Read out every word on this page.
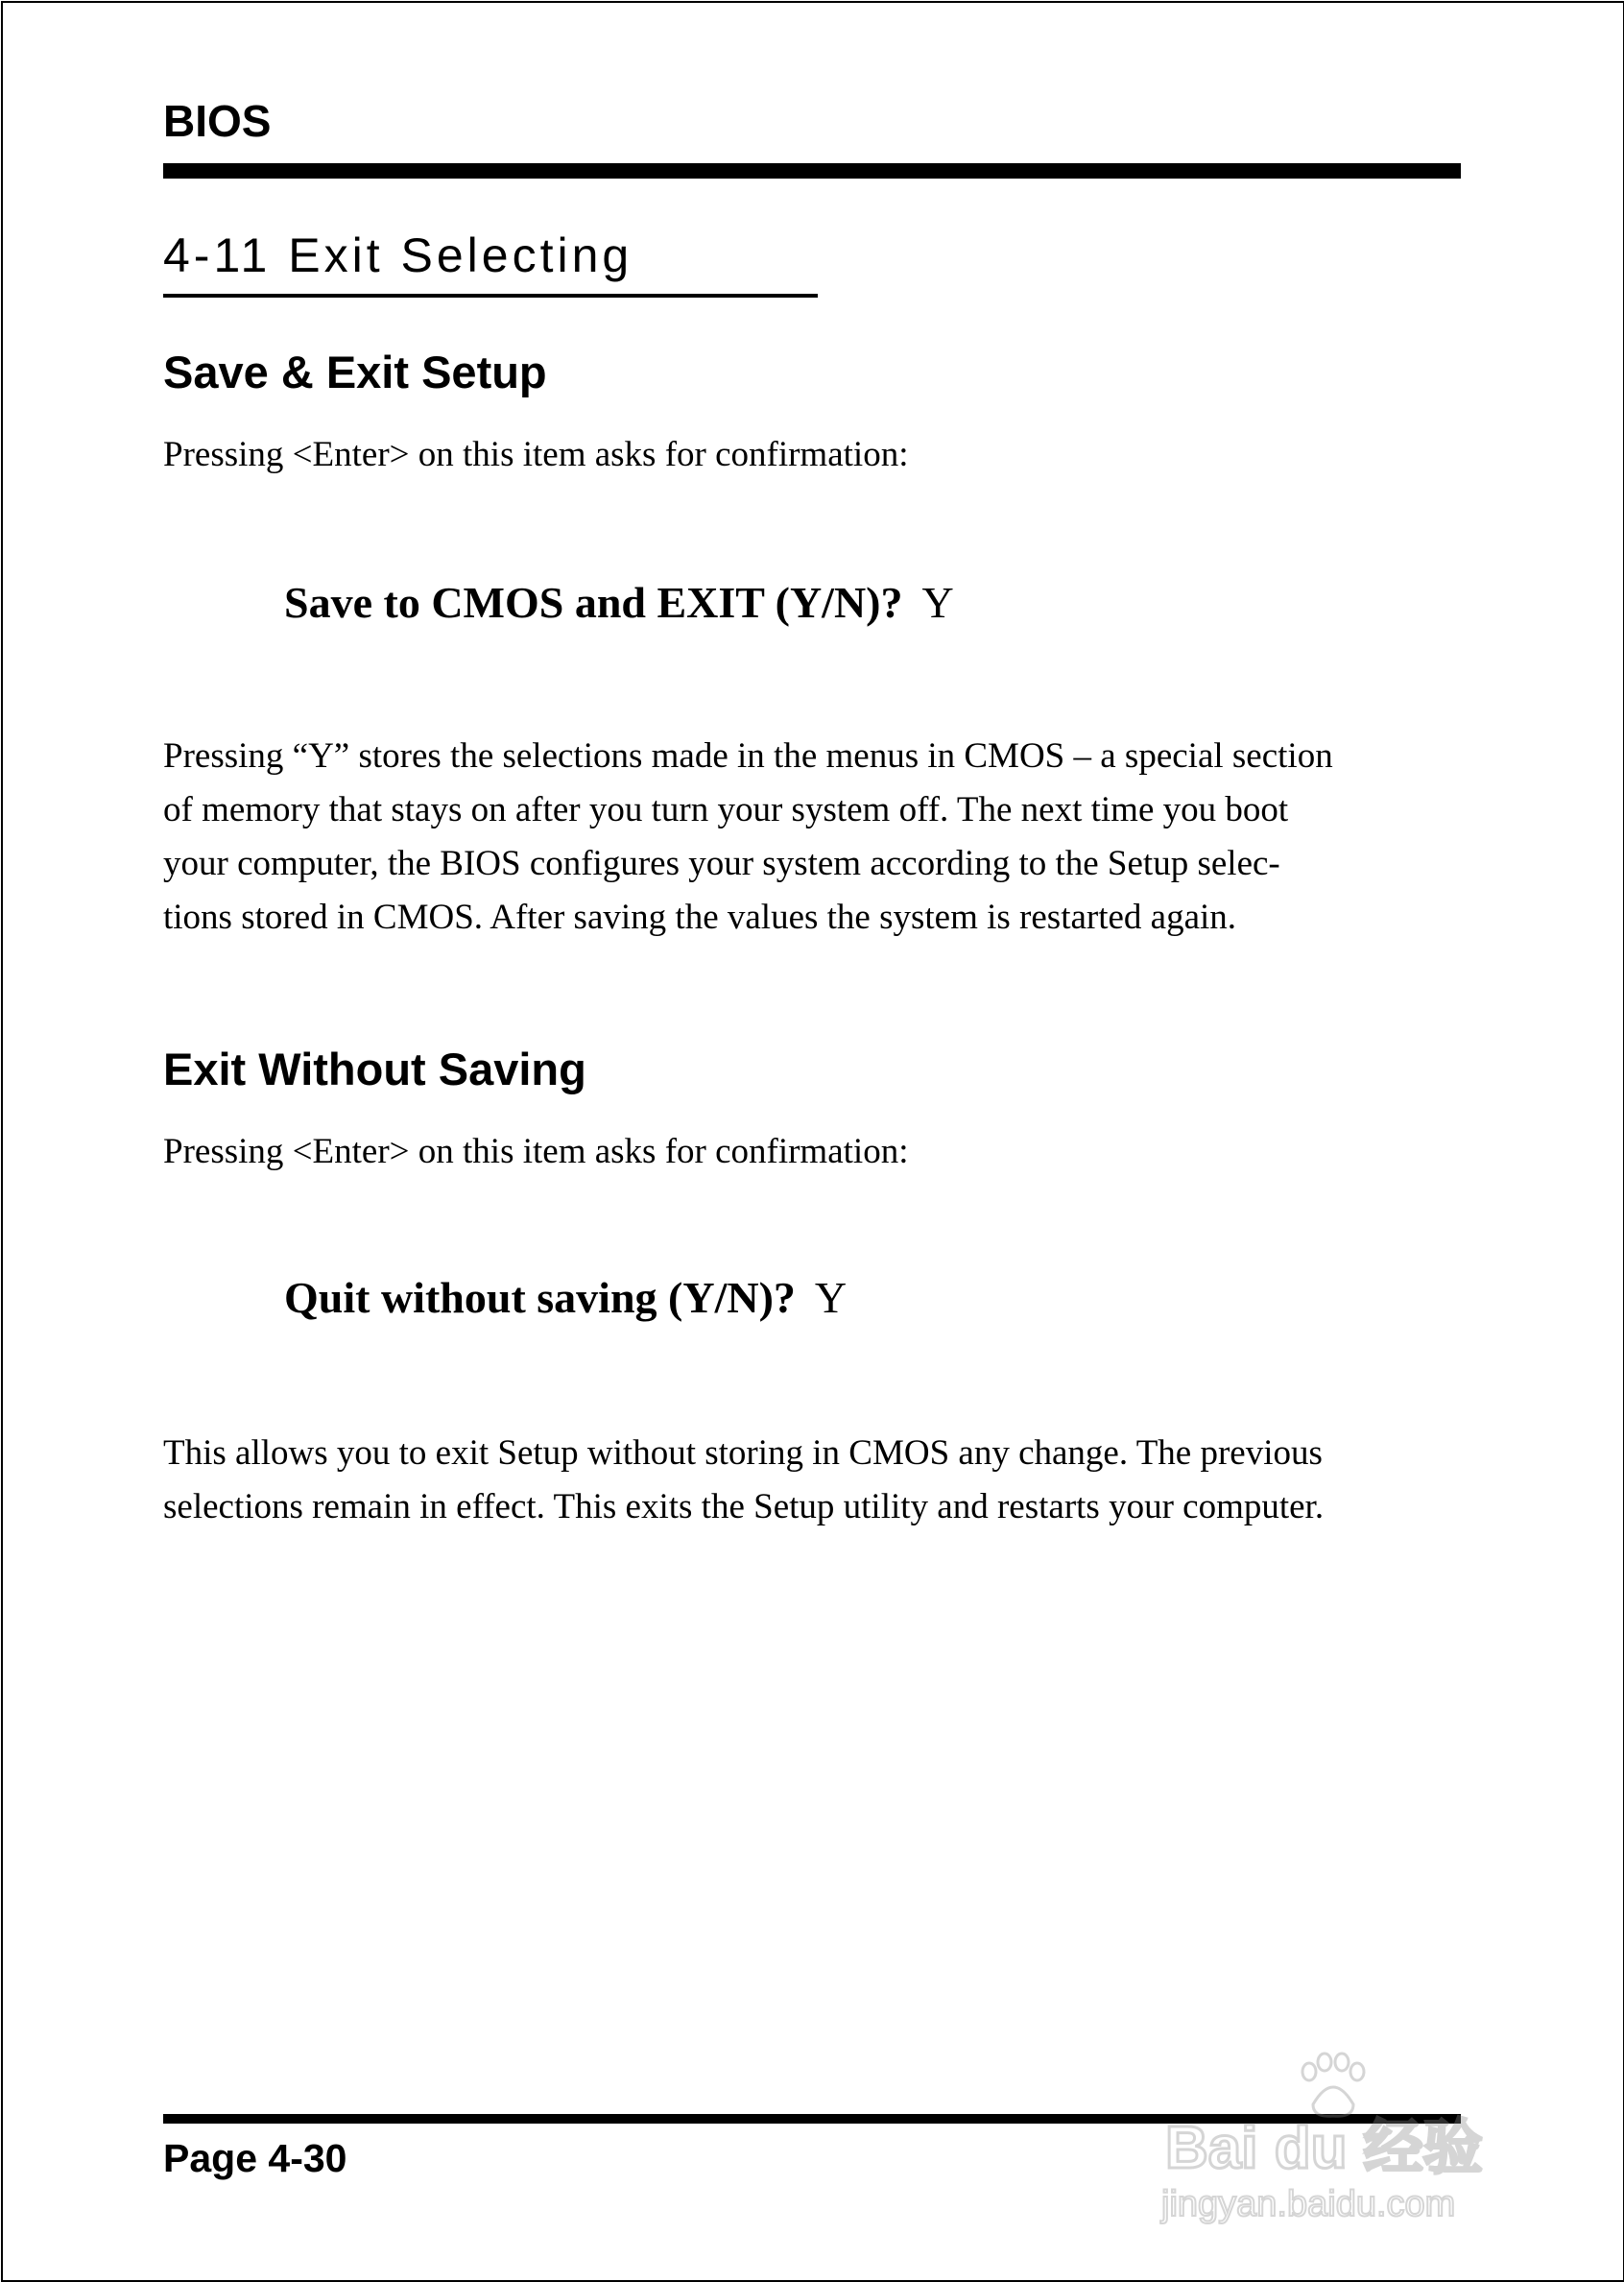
BIOS
4-11 Exit Selecting
Save & Exit Setup
Pressing <Enter> on this item asks for confirmation:
Save to CMOS and EXIT (Y/N)? Y
Pressing “Y” stores the selections made in the menus in CMOS – a special section
of memory that stays on after you turn your system off. The next time you boot
your computer, the BIOS configures your system according to the Setup selec-
tions stored in CMOS. After saving the values the system is restarted again.
Exit Without Saving
Pressing <Enter> on this item asks for confirmation:
Quit without saving (Y/N)? Y
This allows you to exit Setup without storing in CMOS any change. The previous
selections remain in effect. This exits the Setup utility and restarts your computer.
Page 4-30	Bai du 经验
jingyan.baidu.com
